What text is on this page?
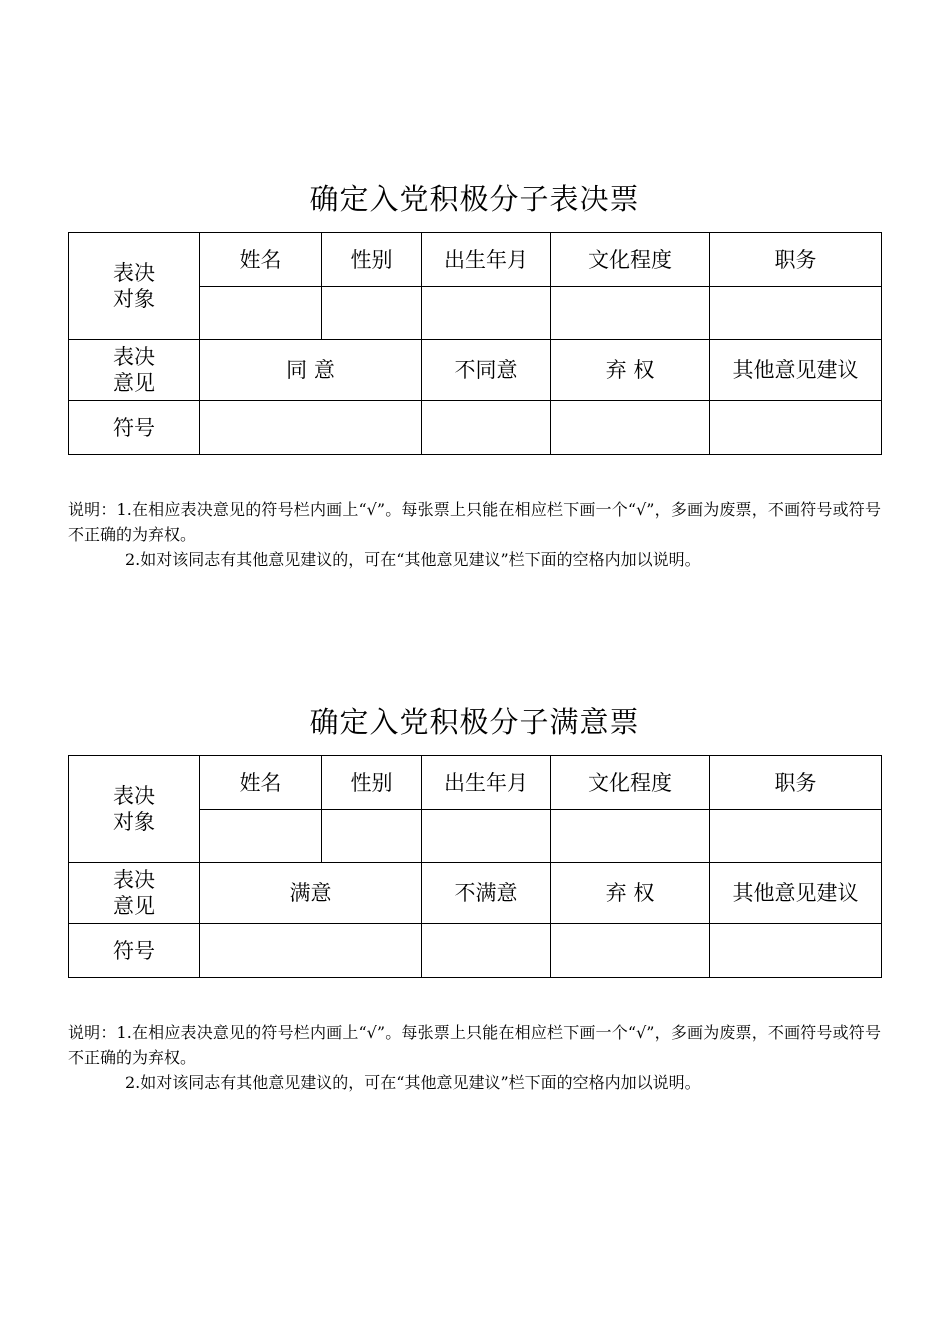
确定入党积极分子表决票
表决
对象	姓名	性别	出生年月	文化程度	职务

表决
意见	同 意		不同意	弃 权	其他意见建议
符号					

说明：1.在相应表决意见的符号栏内画上“√”。每张票上只能在相应栏下画一个“√”，多画为废票，不画符号或符号不正确的为弃权。

2.如对该同志有其他意见建议的，可在“其他意见建议”栏下面的空格内加以说明。

确定入党积极分子满意票
表决
对象	姓名	性别	出生年月	文化程度	职务

表决
意见	满意		不满意	弃 权	其他意见建议
符号					

说明：1.在相应表决意见的符号栏内画上“√”。每张票上只能在相应栏下画一个“√”，多画为废票，不画符号或符号不正确的为弃权。

2.如对该同志有其他意见建议的，可在“其他意见建议”栏下面的空格内加以说明。
